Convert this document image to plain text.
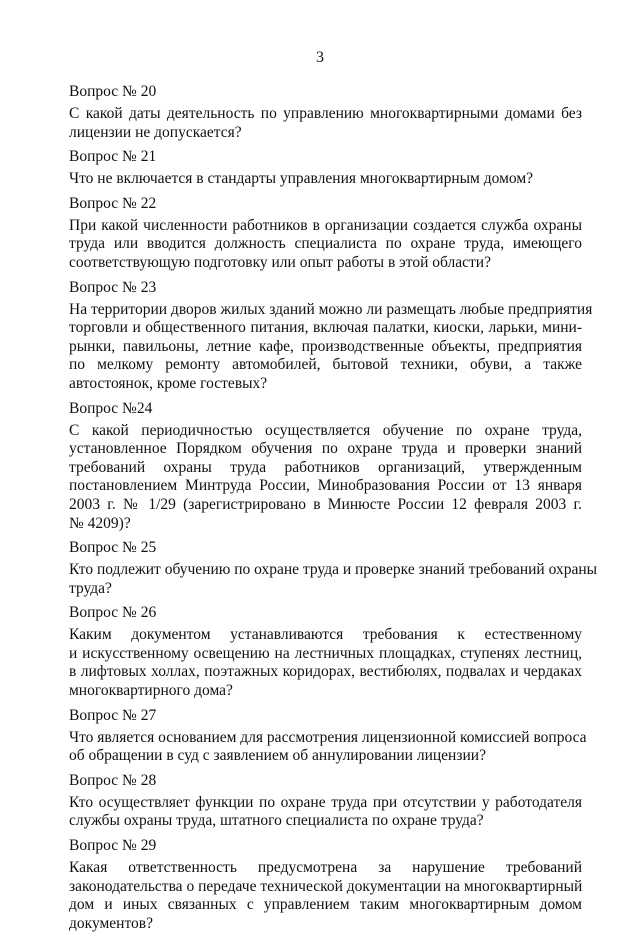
3
Вопрос № 20
С какой даты деятельность по управлению многоквартирными домами без
лицензии не допускается?
Вопрос № 21
Что не включается в стандарты управления многоквартирным домом?
Вопрос № 22
При какой численности работников в организации создается служба охраны
труда или вводится должность специалиста по охране труда, имеющего
соответствующую подготовку или опыт работы в этой области?
Вопрос № 23
На территории дворов жилых зданий можно ли размещать любые предприятия
торговли и общественного питания, включая палатки, киоски, ларьки, мини-
рынки, павильоны, летние кафе, производственные объекты, предприятия
по мелкому ремонту автомобилей, бытовой техники, обуви, а также
автостоянок, кроме гостевых?
Вопрос №24
С какой периодичностью осуществляется обучение по охране труда,
установленное Порядком обучения по охране труда и проверки знаний
требований охраны труда работников организаций, утвержденным
постановлением Минтруда России, Минобразования России от 13 января
2003 г. № 1/29 (зарегистрировано в Минюсте России 12 февраля 2003 г.
№ 4209)?
Вопрос № 25
Кто подлежит обучению по охране труда и проверке знаний требований охраны
труда?
Вопрос № 26
Каким документом устанавливаются требования к естественному
и искусственному освещению на лестничных площадках, ступенях лестниц,
в лифтовых холлах, поэтажных коридорах, вестибюлях, подвалах и чердаках
многоквартирного дома?
Вопрос № 27
Что является основанием для рассмотрения лицензионной комиссией вопроса
об обращении в суд с заявлением об аннулировании лицензии?
Вопрос № 28
Кто осуществляет функции по охране труда при отсутствии у работодателя
службы охраны труда, штатного специалиста по охране труда?
Вопрос № 29
Какая ответственность предусмотрена за нарушение требований
законодательства о передаче технической документации на многоквартирный
дом и иных связанных с управлением таким многоквартирным домом
документов?
